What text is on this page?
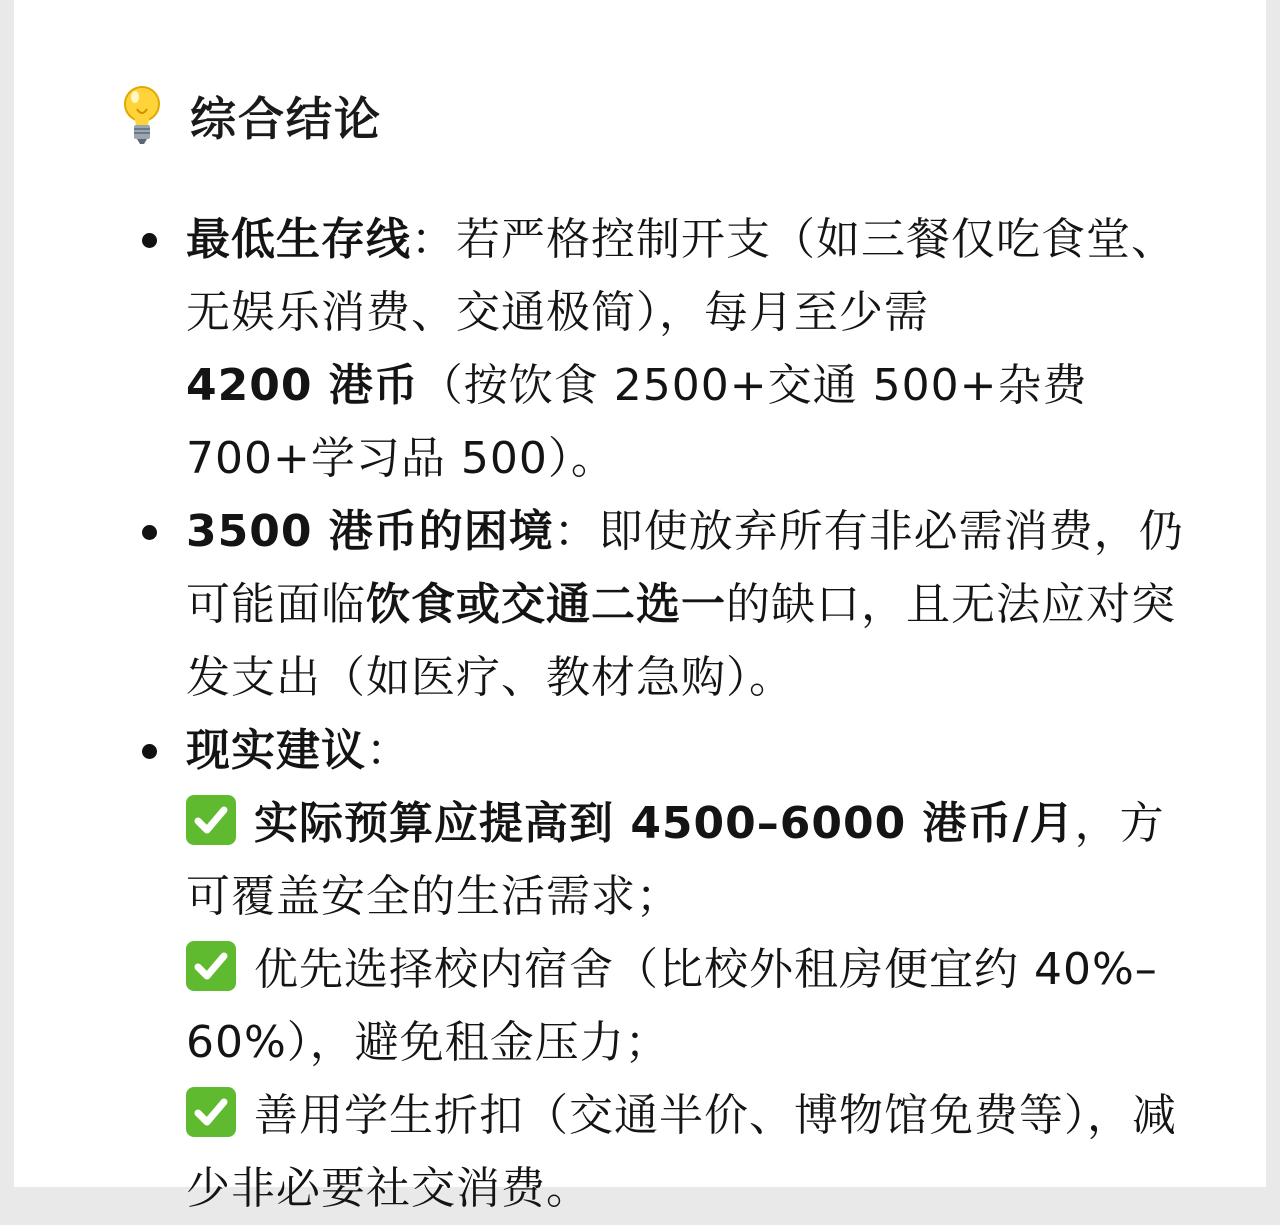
综合结论
最低生存线：若严格控制开支（如三餐仅吃食堂、无娱乐消费、交通极简），每月至少需
4200 港币（按饮食 2500+交通 500+杂费 700+学习品 500）。
3500 港币的困境：即使放弃所有非必需消费，仍可能面临饮食或交通二选一的缺口，且无法应对突发支出（如医疗、教材急购）。
现实建议：
实际预算应提高到 4500–6000 港币/月，方可覆盖安全的生活需求；
优先选择校内宿舍（比校外租房便宜约 40%–60%），避免租金压力；
善用学生折扣（交通半价、博物馆免费等），减少非必要社交消费。
